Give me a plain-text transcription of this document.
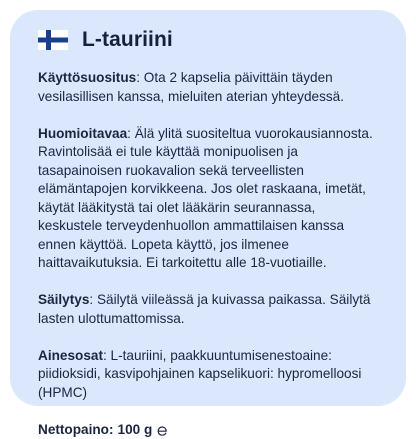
L-tauriini
Käyttösuositus: Ota 2 kapselia päivittäin täyden vesilasillisen kanssa, mieluiten aterian yhteydessä.
Huomioitavaa: Älä ylitä suositeltua vuorokausiannosta. Ravintolisää ei tule käyttää monipuolisen ja tasapainoisen ruokavalion sekä terveellisten elämäntapojen korvikkeena. Jos olet raskaana, imetät, käytät lääkitystä tai olet lääkärin seurannassa, keskustele terveydenhuollon ammattilaisen kanssa ennen käyttöä. Lopeta käyttö, jos ilmenee haittavaikutuksia. Ei tarkoitettu alle 18-vuotiaille.
Säilytys: Säilytä viileässä ja kuivassa paikassa. Säilytä lasten ulottumattomissa.
Ainesosat: L-tauriini, paakkuuntumisenestoaine: piidioksidi, kasvipohjainen kapselikuori: hypromelloosi (HPMC)
Nettopaino: 100 g
